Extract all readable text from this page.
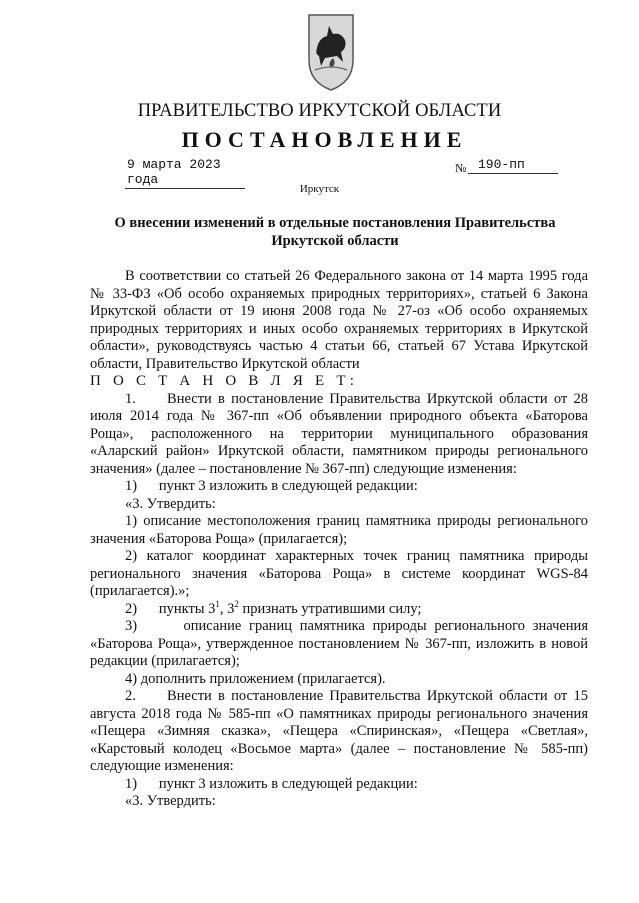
ПРАВИТЕЛЬСТВО ИРКУТСКОЙ ОБЛАСТИ
ПОСТАНОВЛЕНИЕ
9 марта 2023 года
№ 190-пп
Иркутск
О внесении изменений в отдельные постановления Правительства
Иркутской области

В соответствии со статьей 26 Федерального закона от 14 марта 1995 года № 33-ФЗ «Об особо охраняемых природных территориях», статьей 6 Закона Иркутской области от 19 июня 2008 года № 27-оз «Об особо охраняемых природных территориях и иных особо охраняемых территориях в Иркутской области», руководствуясь частью 4 статьи 66, статьей 67 Устава Иркутской области, Правительство Иркутской области

П О С Т А Н О В Л Я Е Т:

1.     Внести в постановление Правительства Иркутской области от 28 июля 2014 года № 367-пп «Об объявлении природного объекта «Баторова Роща», расположенного на территории муниципального образования «Аларский район» Иркутской области, памятником природы регионального значения» (далее – постановление № 367-пп) следующие изменения:

1)      пункт 3 изложить в следующей редакции:

«3. Утвердить:

1) описание местоположения границ памятника природы регионального значения «Баторова Роща» (прилагается);

2) каталог координат характерных точек границ памятника природы регионального значения «Баторова Роща» в системе координат WGS-84 (прилагается).»;

2)      пункты $3^1$, $3^2$ признать утратившими силу;

3)      описание границ памятника природы регионального значения «Баторова Роща», утвержденное постановлением № 367-пп, изложить в новой редакции (прилагается);

4) дополнить приложением (прилагается).

2.     Внести в постановление Правительства Иркутской области от 15 августа 2018 года № 585-пп «О памятниках природы регионального значения «Пещера «Зимняя сказка», «Пещера «Спиринская», «Пещера «Светлая», «Карстовый колодец «Восьмое марта» (далее – постановление № 585-пп) следующие изменения:

1)      пункт 3 изложить в следующей редакции:

«3. Утвердить:
